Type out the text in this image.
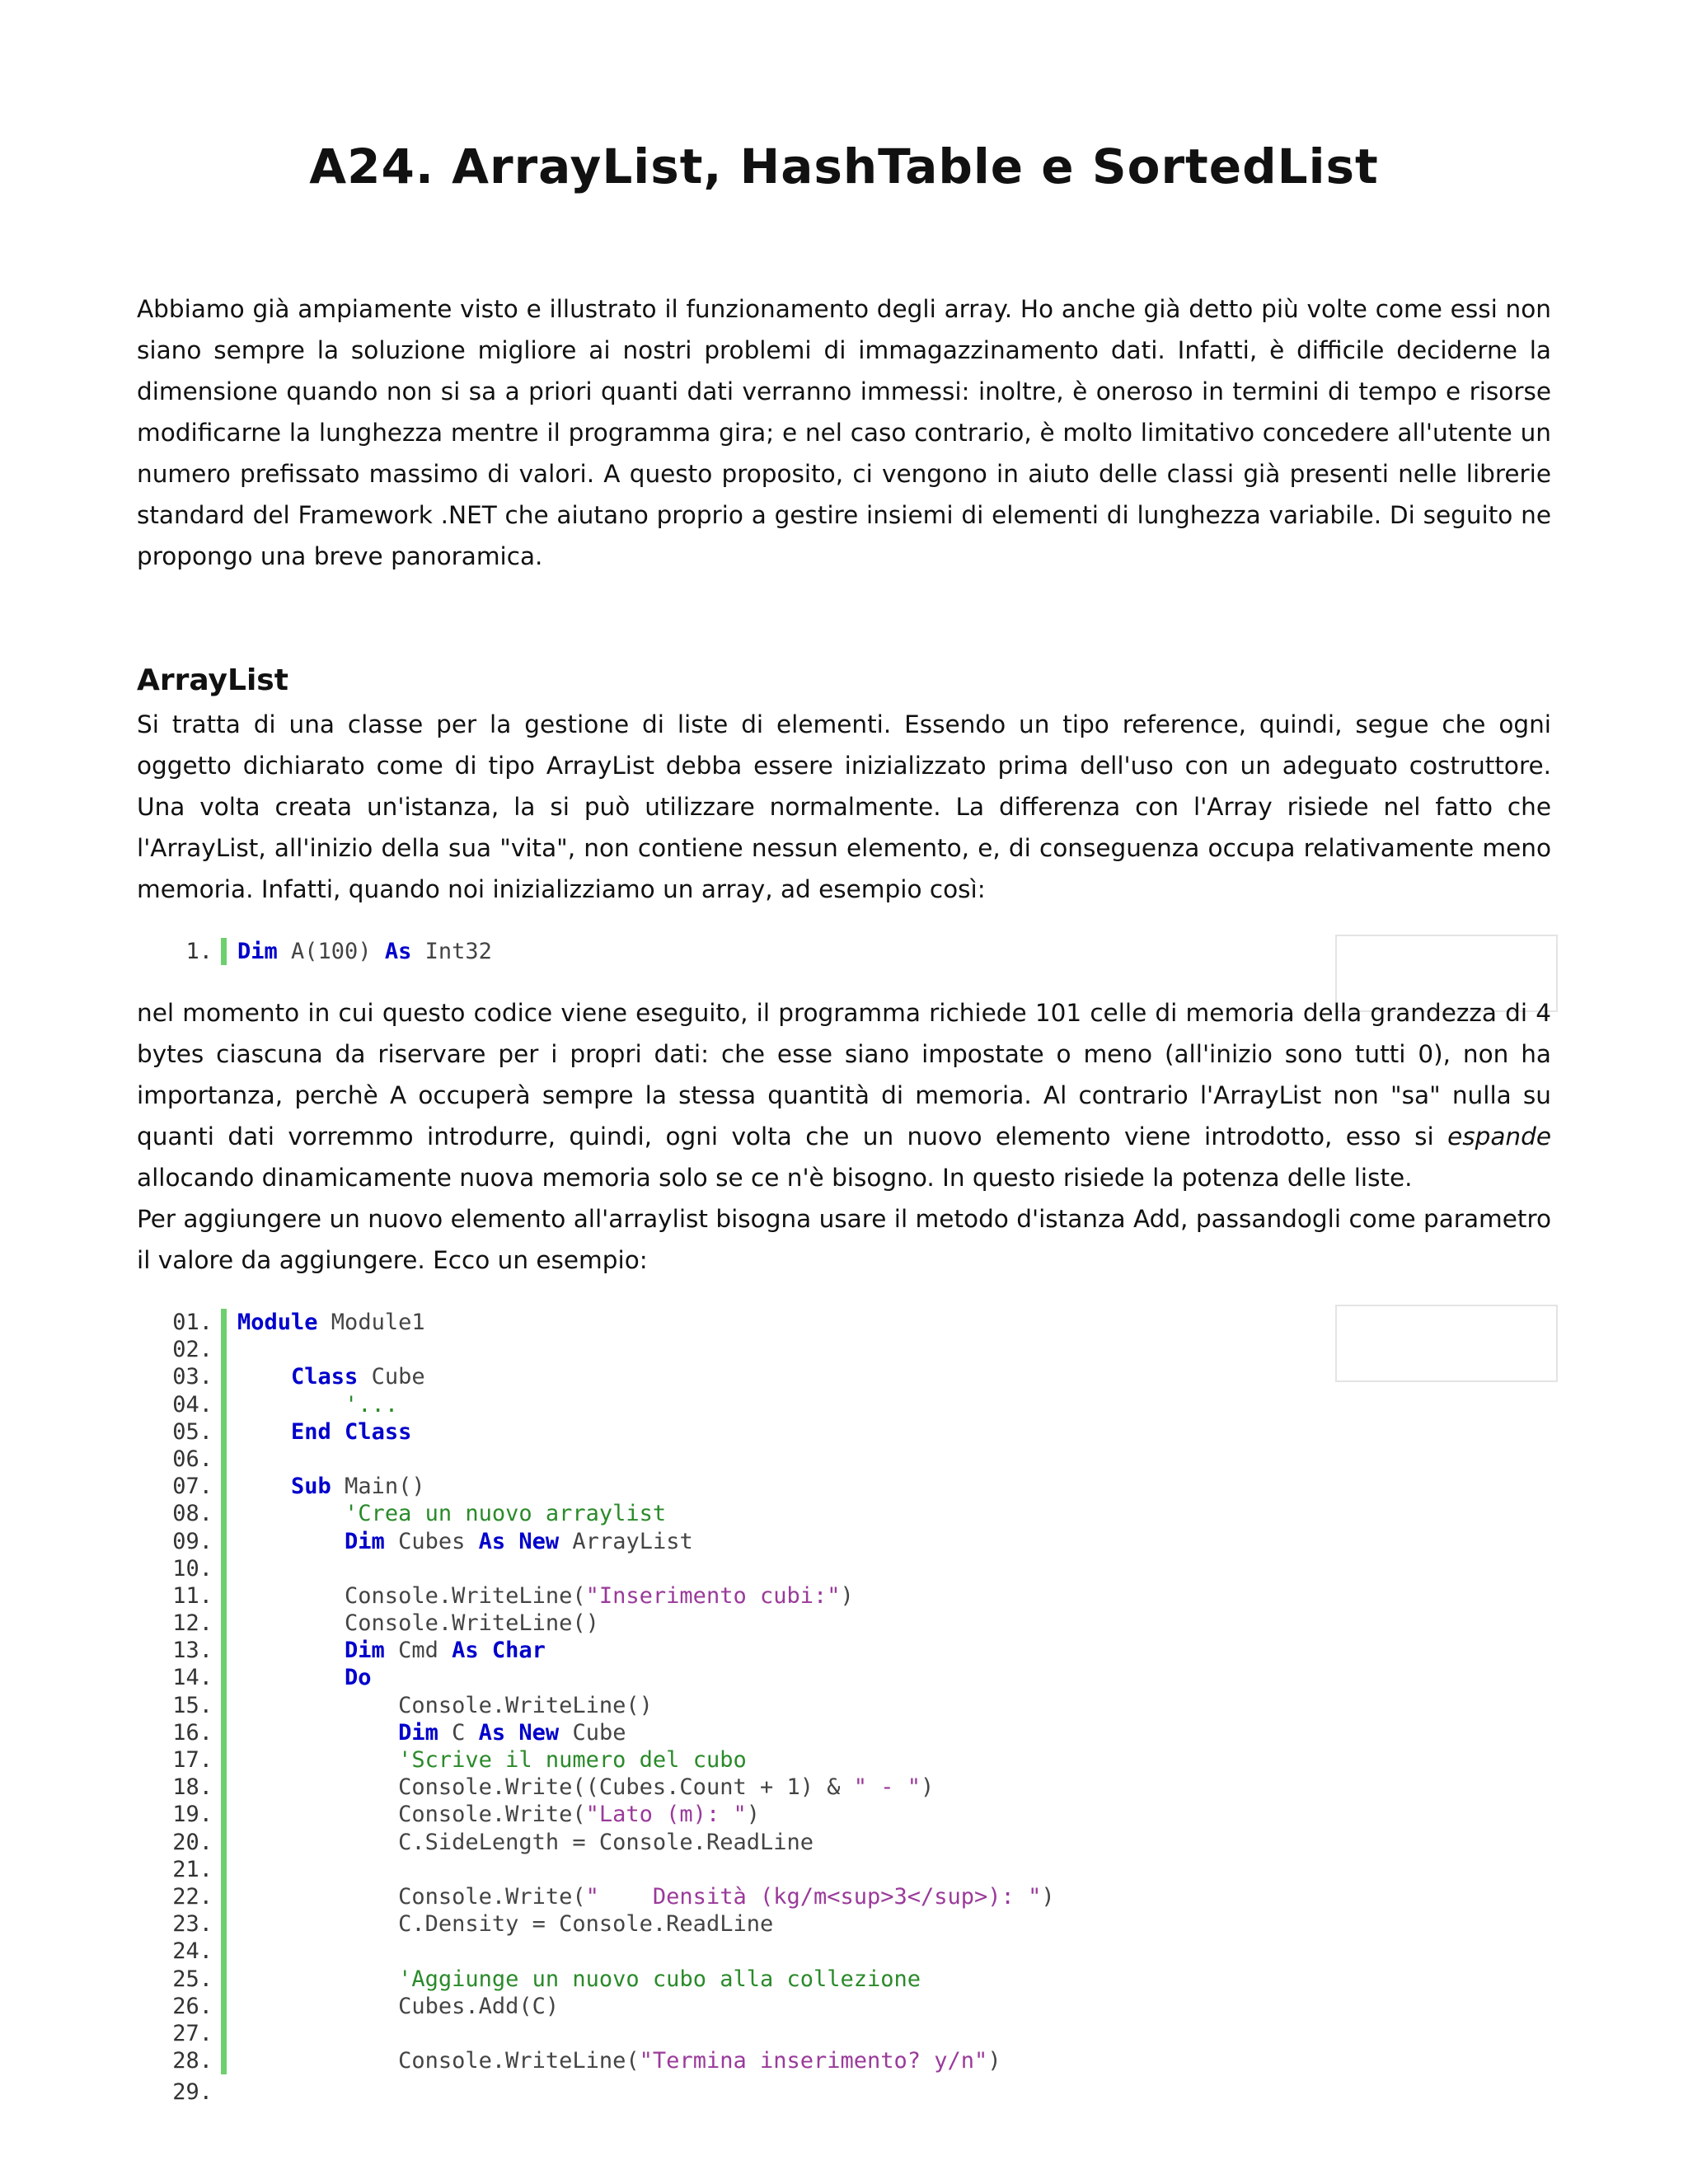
A24. ArrayList, HashTable e SortedList

Abbiamo già ampiamente visto e illustrato il funzionamento degli array. Ho anche già detto più volte come essi non siano sempre la soluzione migliore ai nostri problemi di immagazzinamento dati. Infatti, è difficile deciderne la dimensione quando non si sa a priori quanti dati verranno immessi: inoltre, è oneroso in termini di tempo e risorse modificarne la lunghezza mentre il programma gira; e nel caso contrario, è molto limitativo concedere all'utente un numero prefissato massimo di valori. A questo proposito, ci vengono in aiuto delle classi già presenti nelle librerie standard del Framework .NET che aiutano proprio a gestire insiemi di elementi di lunghezza variabile. Di seguito ne propongo una breve panoramica.

ArrayList

Si tratta di una classe per la gestione di liste di elementi. Essendo un tipo reference, quindi, segue che ogni oggetto dichiarato come di tipo ArrayList debba essere inizializzato prima dell'uso con un adeguato costruttore. Una volta creata un'istanza, la si può utilizzare normalmente. La differenza con l'Array risiede nel fatto che l'ArrayList, all'inizio della sua "vita", non contiene nessun elemento, e, di conseguenza occupa relativamente meno memoria. Infatti, quando noi inizializziamo un array, ad esempio così:

1. Dim A(100) As Int32

nel momento in cui questo codice viene eseguito, il programma richiede 101 celle di memoria della grandezza di 4 bytes ciascuna da riservare per i propri dati: che esse siano impostate o meno (all'inizio sono tutti 0), non ha importanza, perchè A occuperà sempre la stessa quantità di memoria. Al contrario l'ArrayList non "sa" nulla su quanti dati vorremmo introdurre, quindi, ogni volta che un nuovo elemento viene introdotto, esso si espande allocando dinamicamente nuova memoria solo se ce n'è bisogno. In questo risiede la potenza delle liste.

Per aggiungere un nuovo elemento all'arraylist bisogna usare il metodo d'istanza Add, passandogli come parametro il valore da aggiungere. Ecco un esempio:

01. Module Module1
02.
03.	Class Cube
04.	'...
05.	End Class
06.
07.	Sub Main()
08.	'Crea un nuovo arraylist
09.	Dim Cubes As New ArrayList
10.
11. Console.WriteLine("Inserimento cubi:")
12. Console.WriteLine()
13.	Dim Cmd As Char
14.	Do
15. Console.WriteLine()
16.	Dim C As New Cube
17.	'Scrive il numero del cubo
18. Console.Write((Cubes.Count + 1) & " - ")
19. Console.Write("Lato (m): ")
20. C.SideLength = Console.ReadLine
21.
22. Console.Write("    Densità (kg/m<sup>3</sup>): ")
23. C.Density = Console.ReadLine
24.
25.	'Aggiunge un nuovo cubo alla collezione
26. Cubes.Add(C)
27.
28. Console.WriteLine("Termina inserimento? y/n")
29.
